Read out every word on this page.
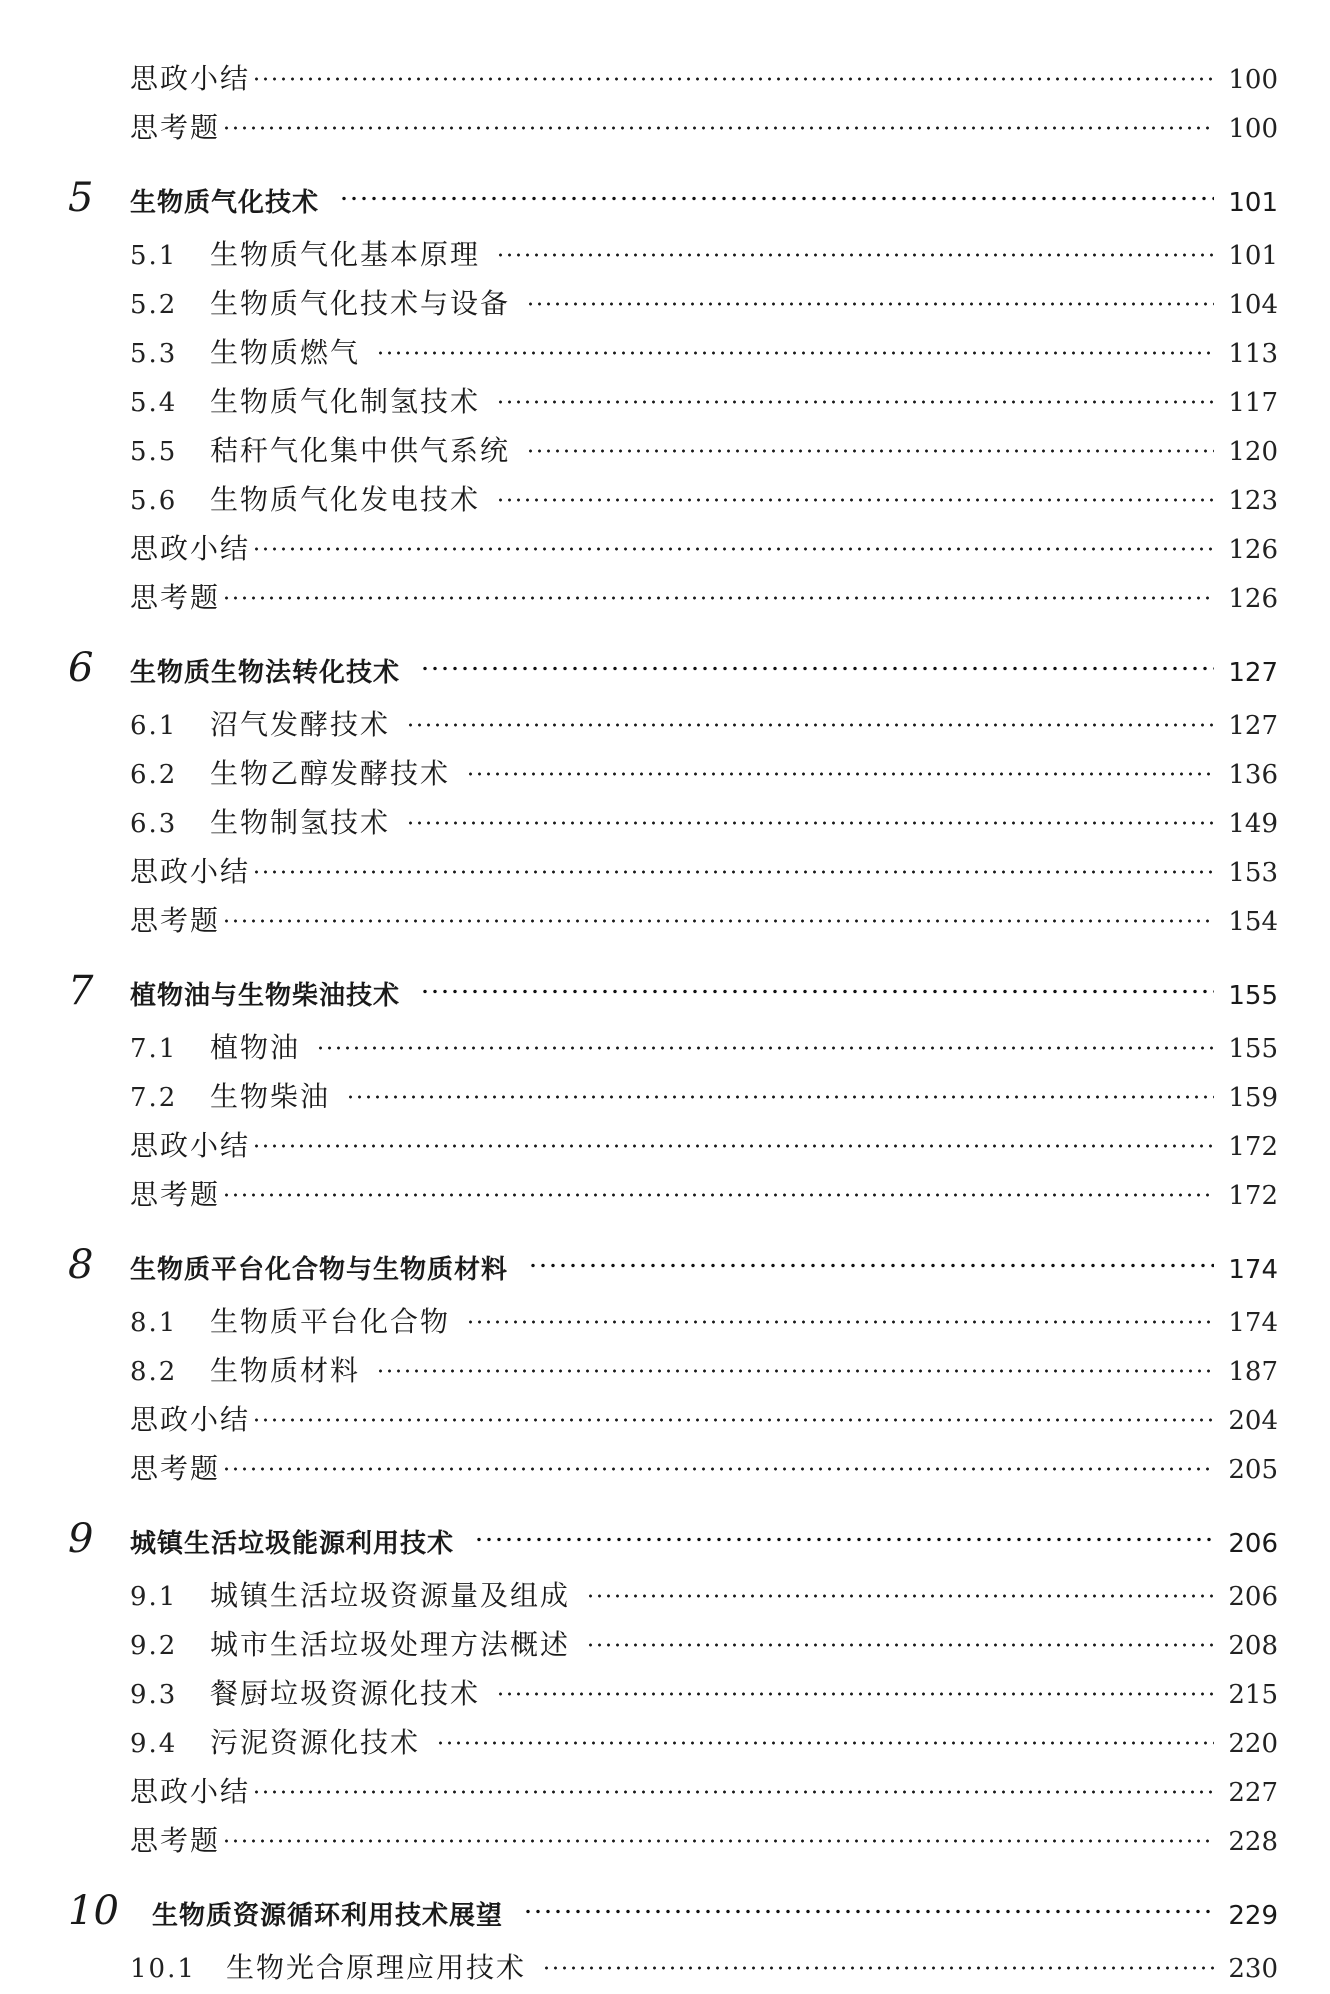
思政小结	100
思考题	100
5	生物质气化技术	101
5.1	生物质气化基本原理	101
5.2	生物质气化技术与设备	104
5.3	生物质燃气	113
5.4	生物质气化制氢技术	117
5.5	秸秆气化集中供气系统	120
5.6	生物质气化发电技术	123
思政小结	126
思考题	126
6	生物质生物法转化技术	127
6.1	沼气发酵技术	127
6.2	生物乙醇发酵技术	136
6.3	生物制氢技术	149
思政小结	153
思考题	154
7	植物油与生物柴油技术	155
7.1	植物油	155
7.2	生物柴油	159
思政小结	172
思考题	172
8	生物质平台化合物与生物质材料	174
8.1	生物质平台化合物	174
8.2	生物质材料	187
思政小结	204
思考题	205
9	城镇生活垃圾能源利用技术	206
9.1	城镇生活垃圾资源量及组成	206
9.2	城市生活垃圾处理方法概述	208
9.3	餐厨垃圾资源化技术	215
9.4	污泥资源化技术	220
思政小结	227
思考题	228
10	生物质资源循环利用技术展望	229
10.1	生物光合原理应用技术	230
